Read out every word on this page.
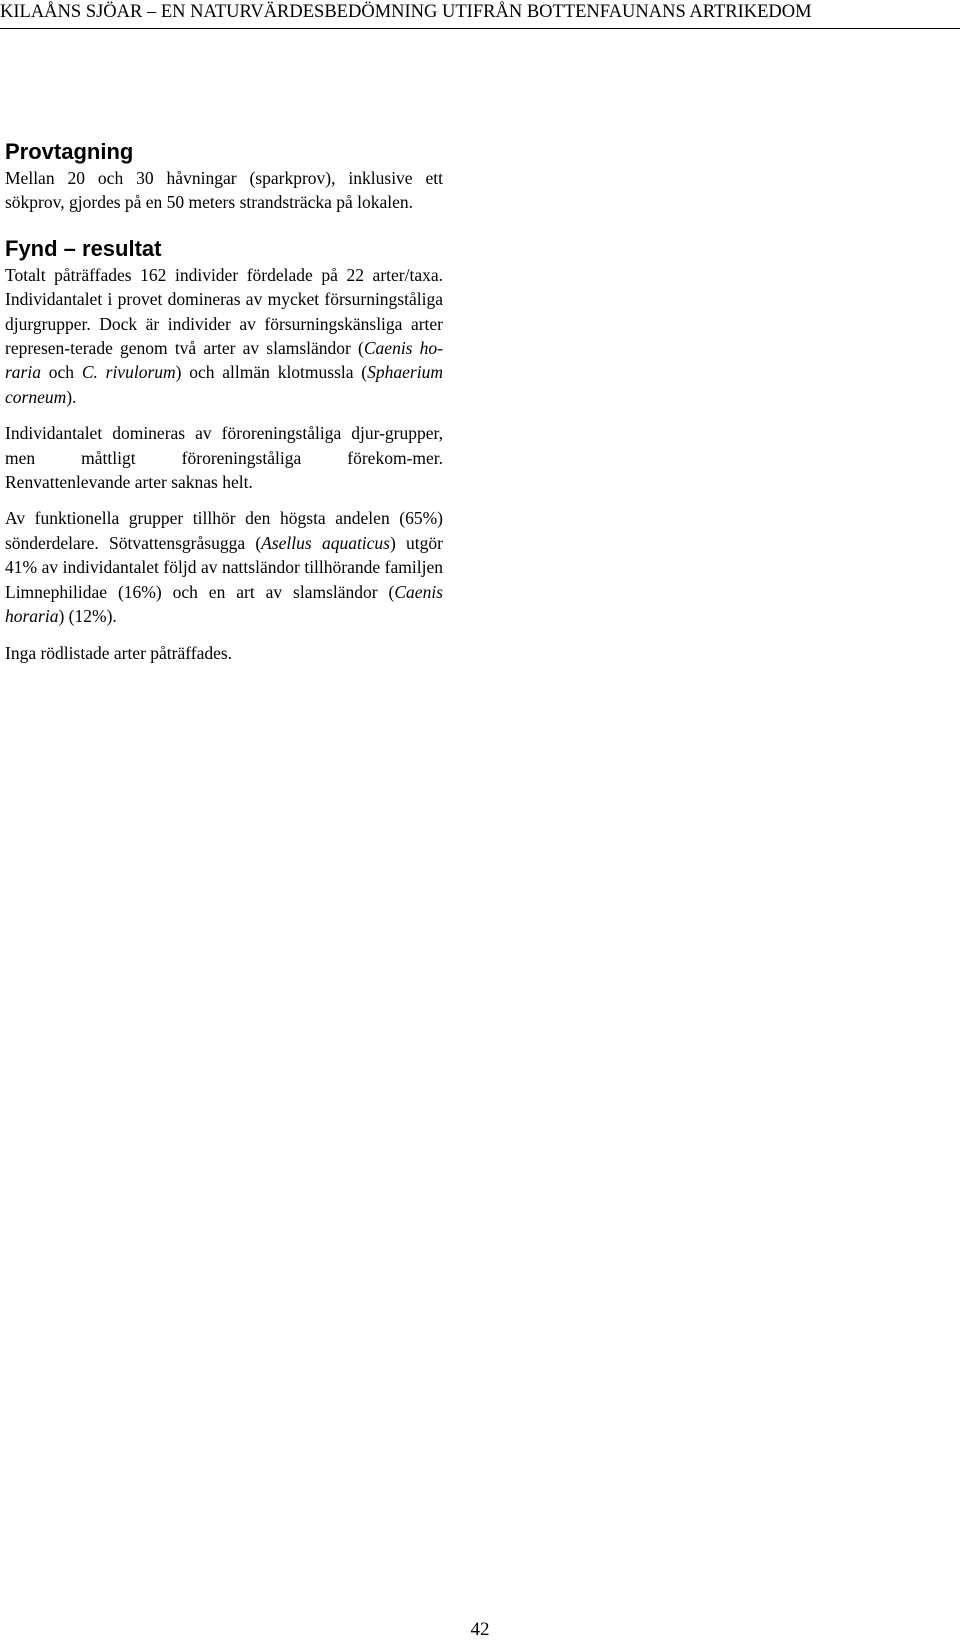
KILAÅNS SJÖAR – EN NATURVÄRDESBEDÖMNING UTIFRÅN BOTTENFAUNANS ARTRIKEDOM
Provtagning

Mellan 20 och 30 håvningar (sparkprov), inklusive ett sökprov, gjordes på en 50 meters strandsträcka på lokalen.

Fynd – resultat

Totalt påträffades 162 individer fördelade på 22 arter/taxa. Individantalet i provet domineras av mycket försurningståliga djurgrupper. Dock är individer av försurningskänsliga arter represen-terade genom två arter av slamsländor (Caenis ho-raria och C. rivulorum) och allmän klotmussla (Sphaerium corneum).

Individantalet domineras av föroreningståliga djur-grupper, men måttligt föroreningståliga förekom-mer. Renvattenlevande arter saknas helt.

Av funktionella grupper tillhör den högsta andelen (65%) sönderdelare. Sötvattensgråsugga (Asellus aquaticus) utgör 41% av individantalet följd av nattsländor tillhörande familjen Limnephilidae (16%) och en art av slamsländor (Caenis horaria) (12%).

Inga rödlistade arter påträffades.

42
